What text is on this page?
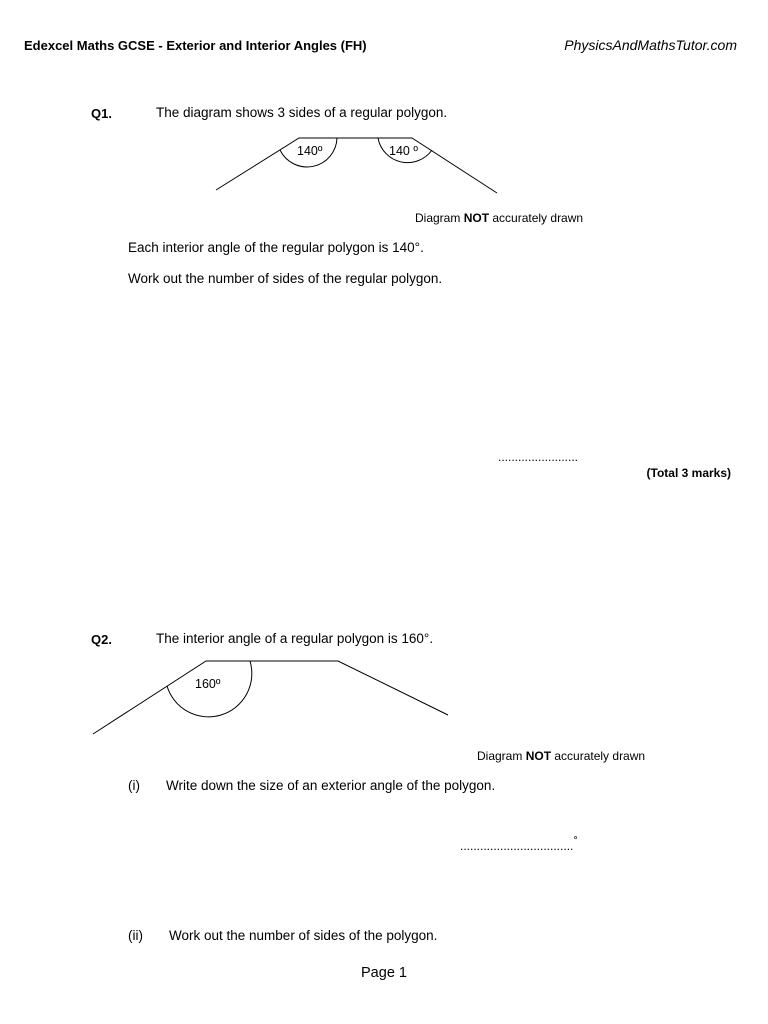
Edexcel Maths GCSE - Exterior and Interior Angles (FH)	PhysicsAndMathsTutor.com
Q1.	The diagram shows 3 sides of a regular polygon.
140º	140 º
Diagram NOT accurately drawn
Each interior angle of the regular polygon is 140°.
Work out the number of sides of the regular polygon.
........................
(Total 3 marks)
Q2.	The interior angle of a regular polygon is 160°.
160º
Diagram NOT accurately drawn
(i) Write down the size of an exterior angle of the polygon.
..................................°
(ii) Work out the number of sides of the polygon.
Page 1
